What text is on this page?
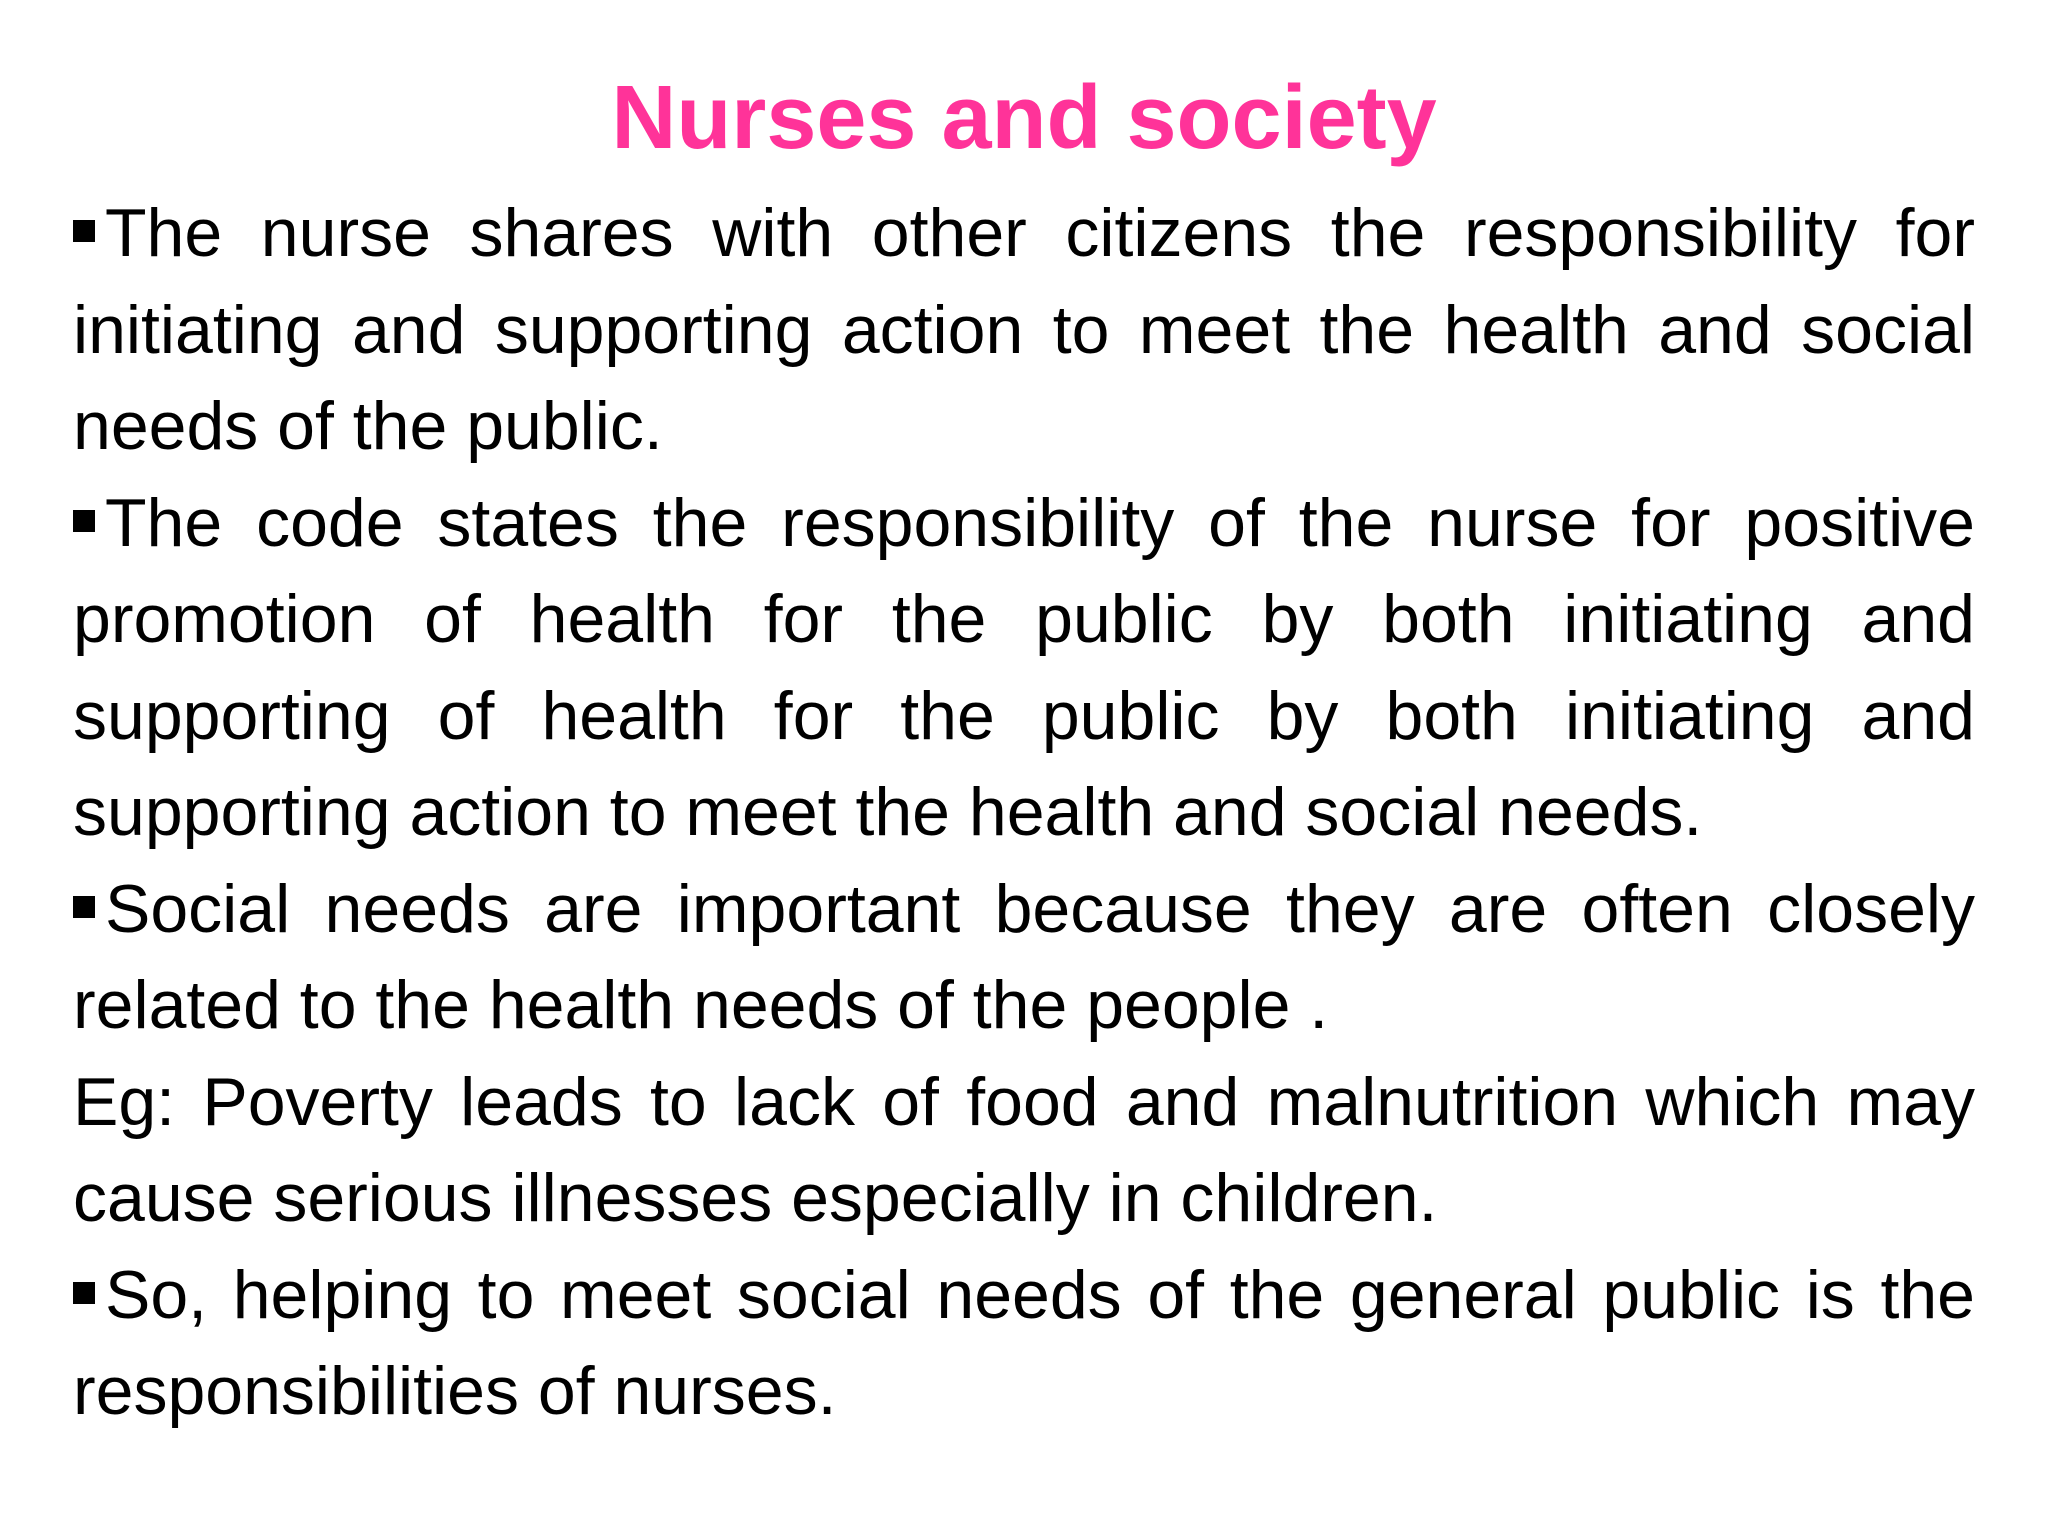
Nurses and society

The nurse shares with other citizens the responsibility for initiating and supporting action to meet the health and social needs of the public.

The code states the responsibility of the nurse for positive promotion of health for the public by both initiating and supporting of health for the public by both initiating and supporting action to meet the health and social needs.

Social needs are important because they are often closely related to the health needs of the people .

Eg: Poverty leads to lack of food and malnutrition which may cause serious illnesses especially in children.

So, helping to meet social needs of the general public is the responsibilities of nurses.
